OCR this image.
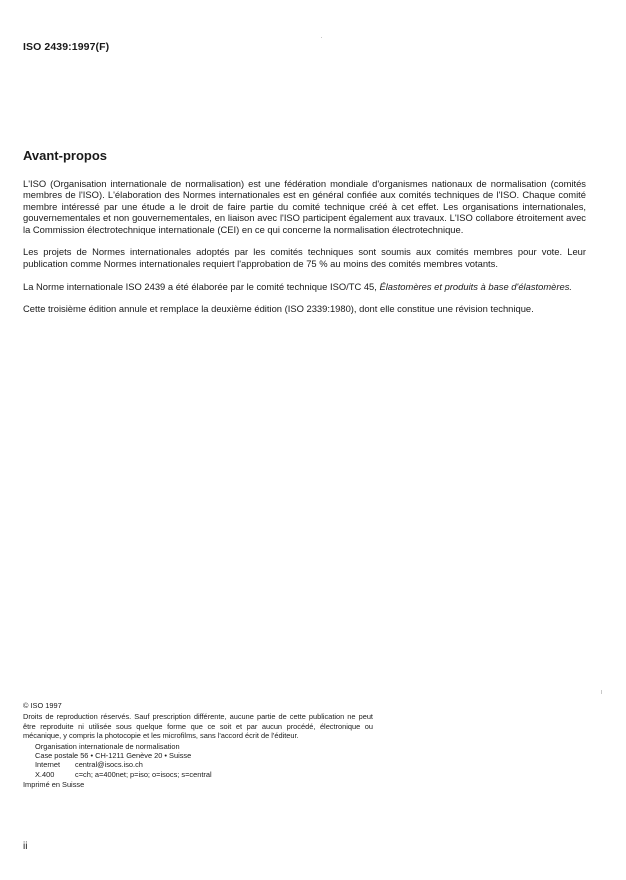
ISO 2439:1997(F)
Avant-propos

L'ISO (Organisation internationale de normalisation) est une fédération mondiale d'organismes nationaux de normalisation (comités membres de l'ISO). L'élaboration des Normes internationales est en général confiée aux comités techniques de l'ISO. Chaque comité membre intéressé par une étude a le droit de faire partie du comité technique créé à cet effet. Les organisations internationales, gouvernementales et non gouvernementales, en liaison avec l'ISO participent également aux travaux. L'ISO collabore étroitement avec la Commission électrotechnique internationale (CEI) en ce qui concerne la normalisation électrotechnique.

Les projets de Normes internationales adoptés par les comités techniques sont soumis aux comités membres pour vote. Leur publication comme Normes internationales requiert l'approbation de 75 % au moins des comités membres votants.

La Norme internationale ISO 2439 a été élaborée par le comité technique ISO/TC 45, Élastomères et produits à base d'élastomères.

Cette troisième édition annule et remplace la deuxième édition (ISO 2339:1980), dont elle constitue une révision technique.

© ISO 1997

Droits de reproduction réservés. Sauf prescription différente, aucune partie de cette publication ne peut être reproduite ni utilisée sous quelque forme que ce soit et par aucun procédé, électronique ou mécanique, y compris la photocopie et les microfilms, sans l'accord écrit de l'éditeur.

Organisation internationale de normalisation
Case postale 56 • CH-1211 Genève 20 • Suisse
Internet	central@isocs.iso.ch
X.400	c=ch; a=400net; p=iso; o=isocs; s=central
Imprimé en Suisse
ii
